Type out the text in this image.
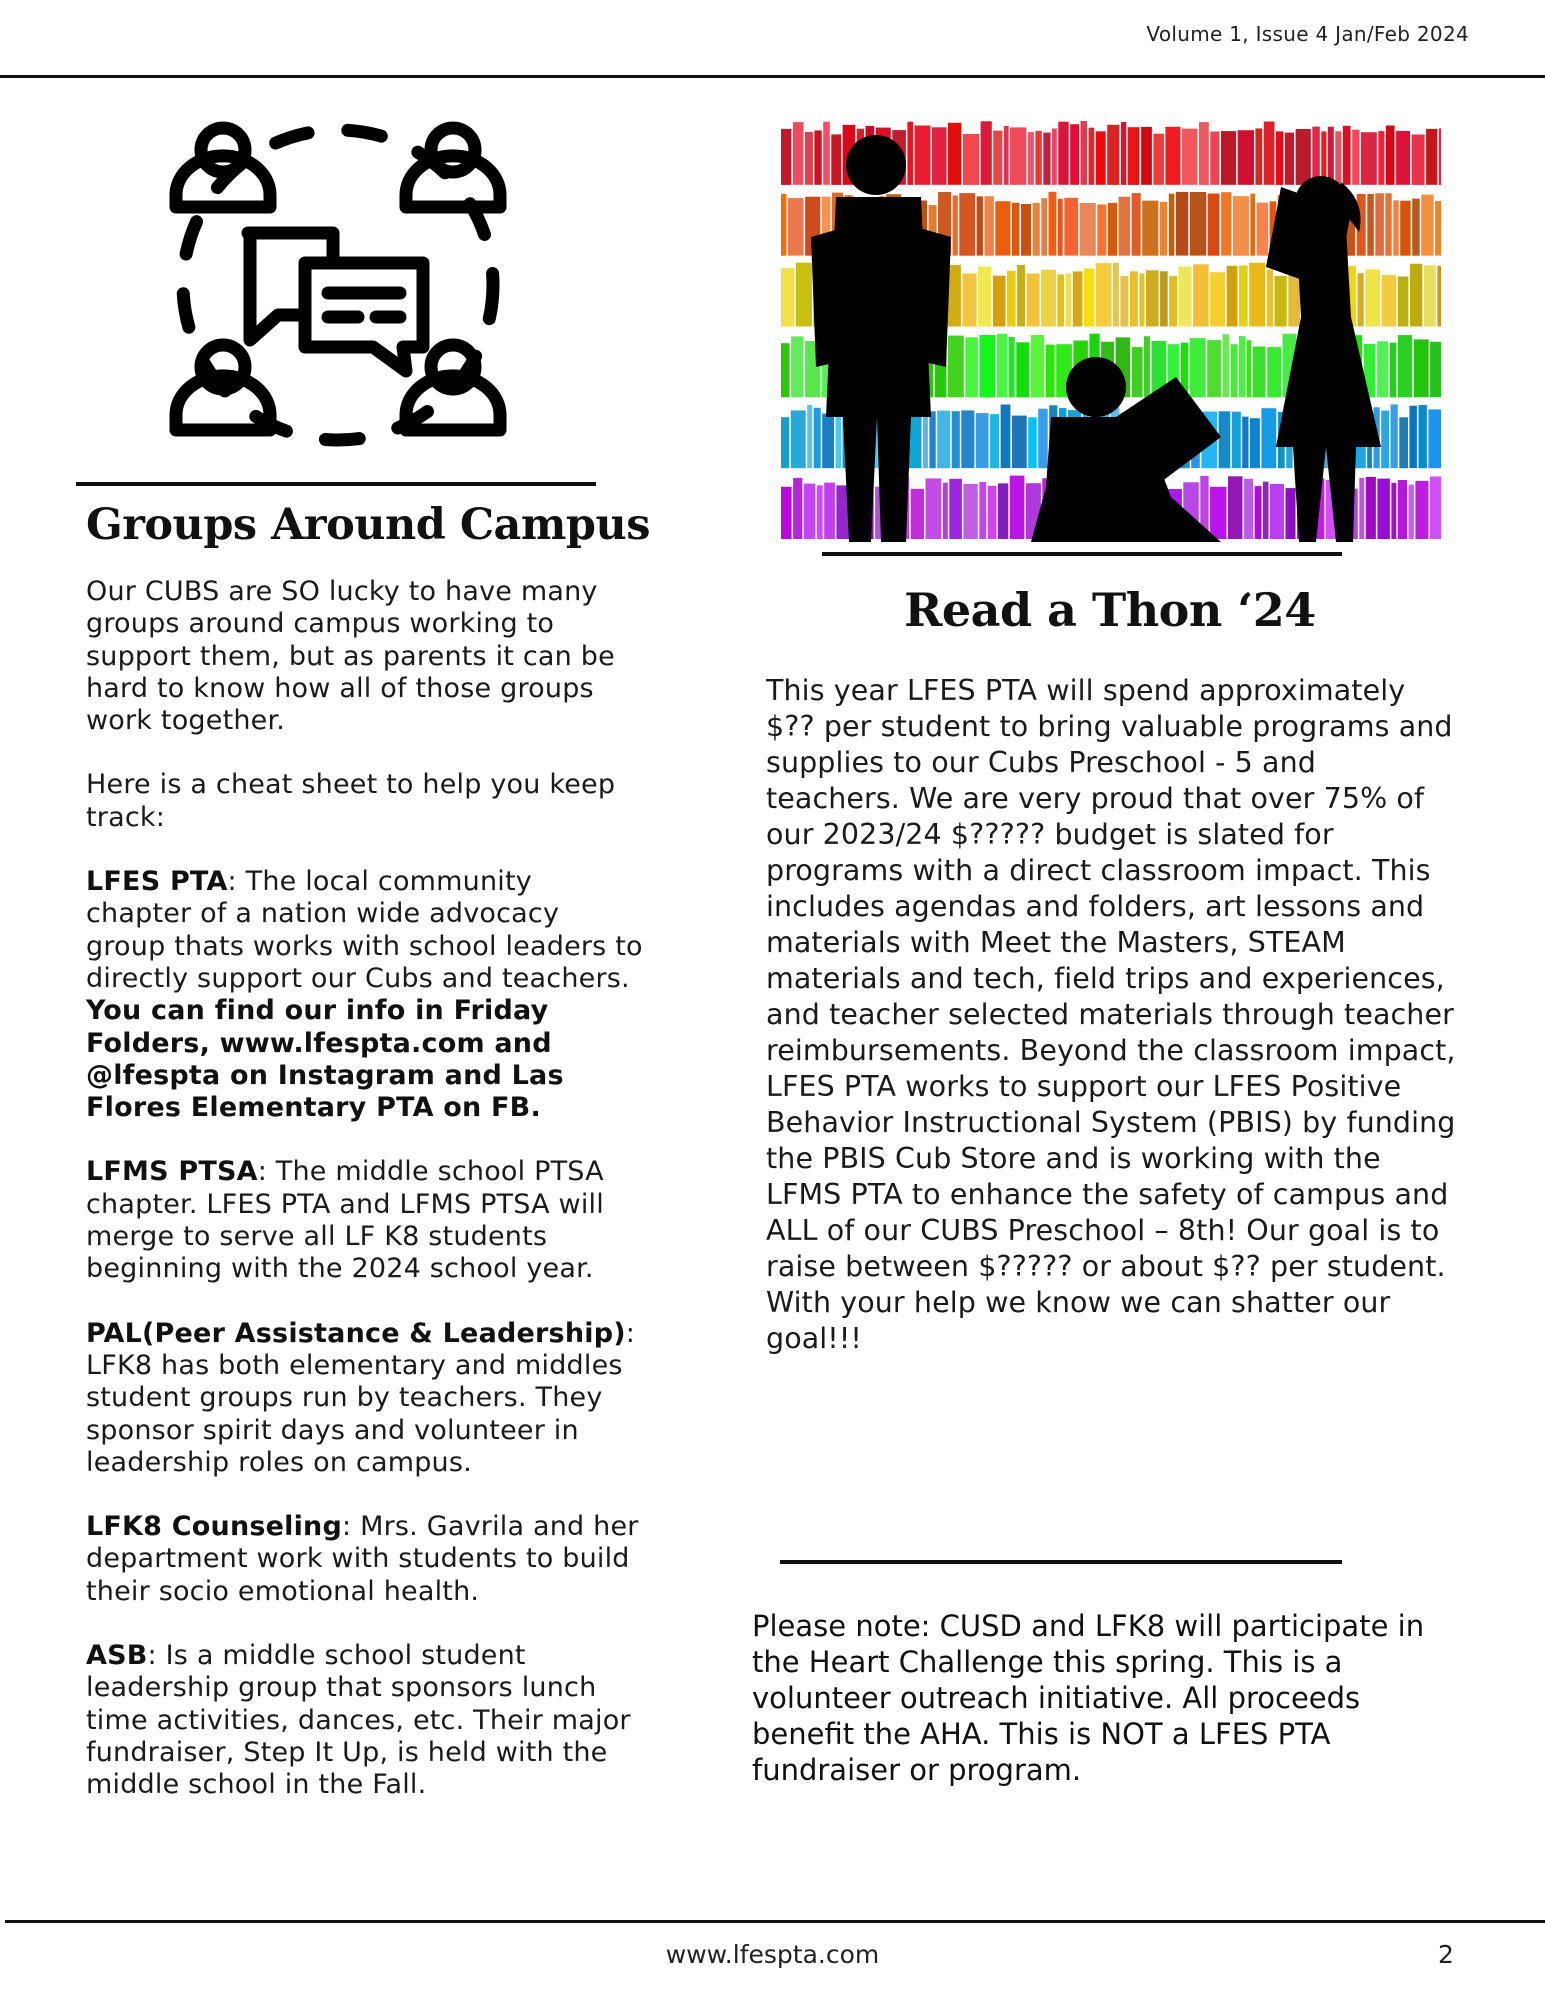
Volume 1, Issue 4 Jan/Feb 2024
Groups Around Campus

Our CUBS are SO lucky to have many groups around campus working to support them, but as parents it can be hard to know how all of those groups work together.

Here is a cheat sheet to help you keep track:

LFES PTA: The local community chapter of a nation wide advocacy group thats works with school leaders to directly support our Cubs and teachers. You can find our info in Friday Folders, www.lfespta.com and @lfespta on Instagram and Las Flores Elementary PTA on FB.

LFMS PTSA: The middle school PTSA chapter. LFES PTA and LFMS PTSA will merge to serve all LF K8 students beginning with the 2024 school year.

PAL(Peer Assistance & Leadership): LFK8 has both elementary and middles student groups run by teachers. They sponsor spirit days and volunteer in leadership roles on campus.

LFK8 Counseling: Mrs. Gavrila and her department work with students to build their socio emotional health.

ASB: Is a middle school student leadership group that sponsors lunch time activities, dances, etc. Their major fundraiser, Step It Up, is held with the middle school in the Fall.

Read a Thon ‘24
This year LFES PTA will spend approximately $?? per student to bring valuable programs and supplies to our Cubs Preschool - 5 and teachers. We are very proud that over 75% of our 2023/24 $????? budget is slated for programs with a direct classroom impact. This includes agendas and folders, art lessons and materials with Meet the Masters, STEAM materials and tech, field trips and experiences, and teacher selected materials through teacher reimbursements. Beyond the classroom impact, LFES PTA works to support our LFES Positive Behavior Instructional System (PBIS) by funding the PBIS Cub Store and is working with the LFMS PTA to enhance the safety of campus and ALL of our CUBS Preschool – 8th! Our goal is to raise between $????? or about $?? per student. With your help we know we can shatter our goal!!!
Please note: CUSD and LFK8 will participate in the Heart Challenge this spring. This is a volunteer outreach initiative. All proceeds benefit the AHA. This is NOT a LFES PTA fundraiser or program.
www.lfespta.com	2
